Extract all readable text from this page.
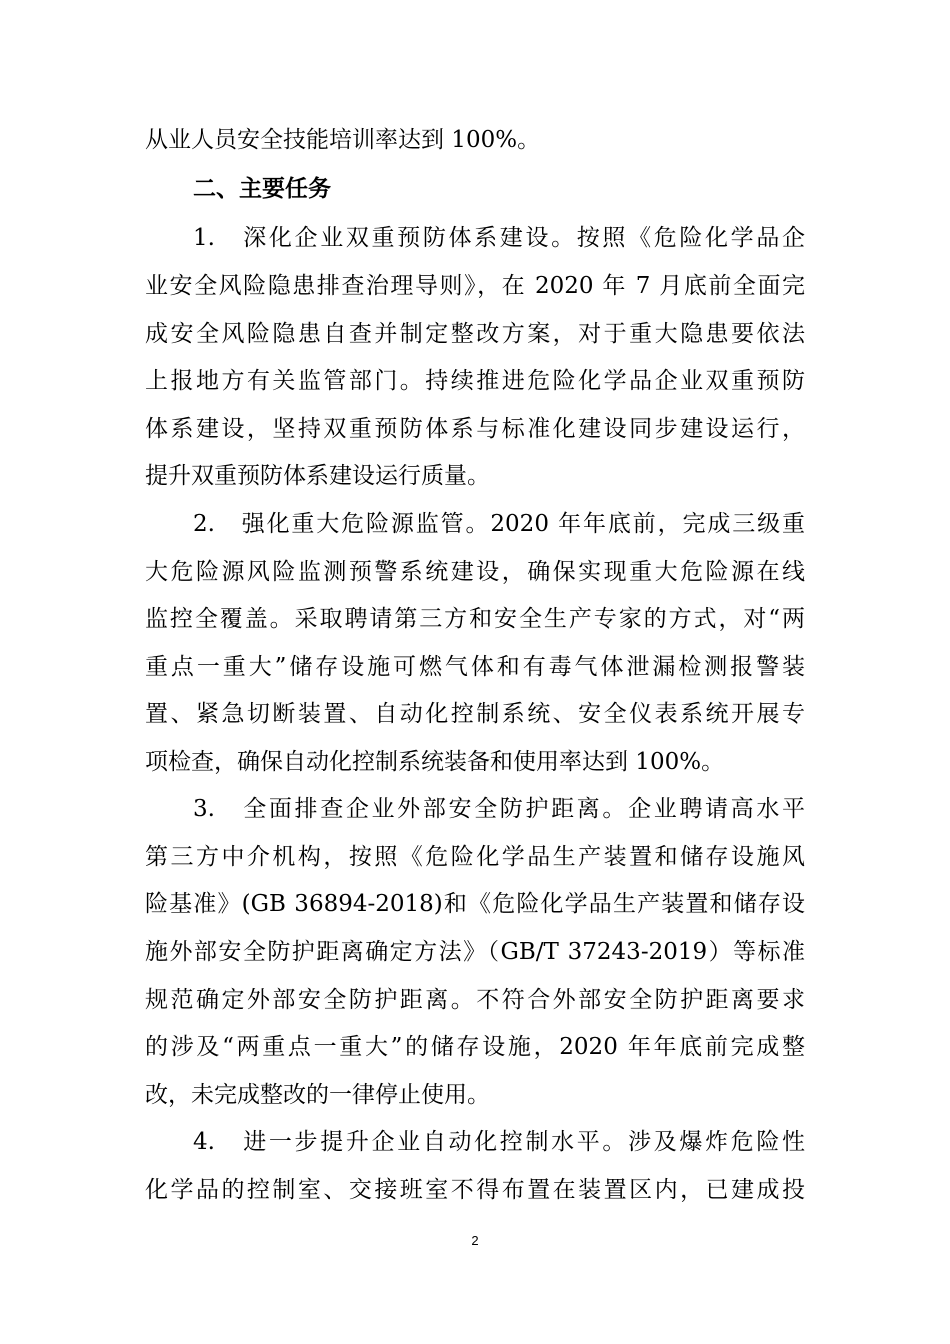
从业人员安全技能培训率达到 100%。
二、主要任务
1.　深化企业双重预防体系建设。按照《危险化学品企
业安全风险隐患排查治理导则》，在 2020 年 7 月底前全面完
成安全风险隐患自查并制定整改方案，对于重大隐患要依法
上报地方有关监管部门。持续推进危险化学品企业双重预防
体系建设，坚持双重预防体系与标准化建设同步建设运行，
提升双重预防体系建设运行质量。
2.　强化重大危险源监管。2020 年年底前，完成三级重
大危险源风险监测预警系统建设，确保实现重大危险源在线
监控全覆盖。采取聘请第三方和安全生产专家的方式，对“两
重点一重大”储存设施可燃气体和有毒气体泄漏检测报警装
置、紧急切断装置、自动化控制系统、安全仪表系统开展专
项检查，确保自动化控制系统装备和使用率达到 100%。
3.　全面排查企业外部安全防护距离。企业聘请高水平
第三方中介机构，按照《危险化学品生产装置和储存设施风
险基准》(GB 36894-2018)和《危险化学品生产装置和储存设
施外部安全防护距离确定方法》（GB/T 37243-2019）等标准
规范确定外部安全防护距离。不符合外部安全防护距离要求
的涉及“两重点一重大”的储存设施，2020 年年底前完成整
改，未完成整改的一律停止使用。
4.　进一步提升企业自动化控制水平。涉及爆炸危险性
化学品的控制室、交接班室不得布置在装置区内，已建成投
2
